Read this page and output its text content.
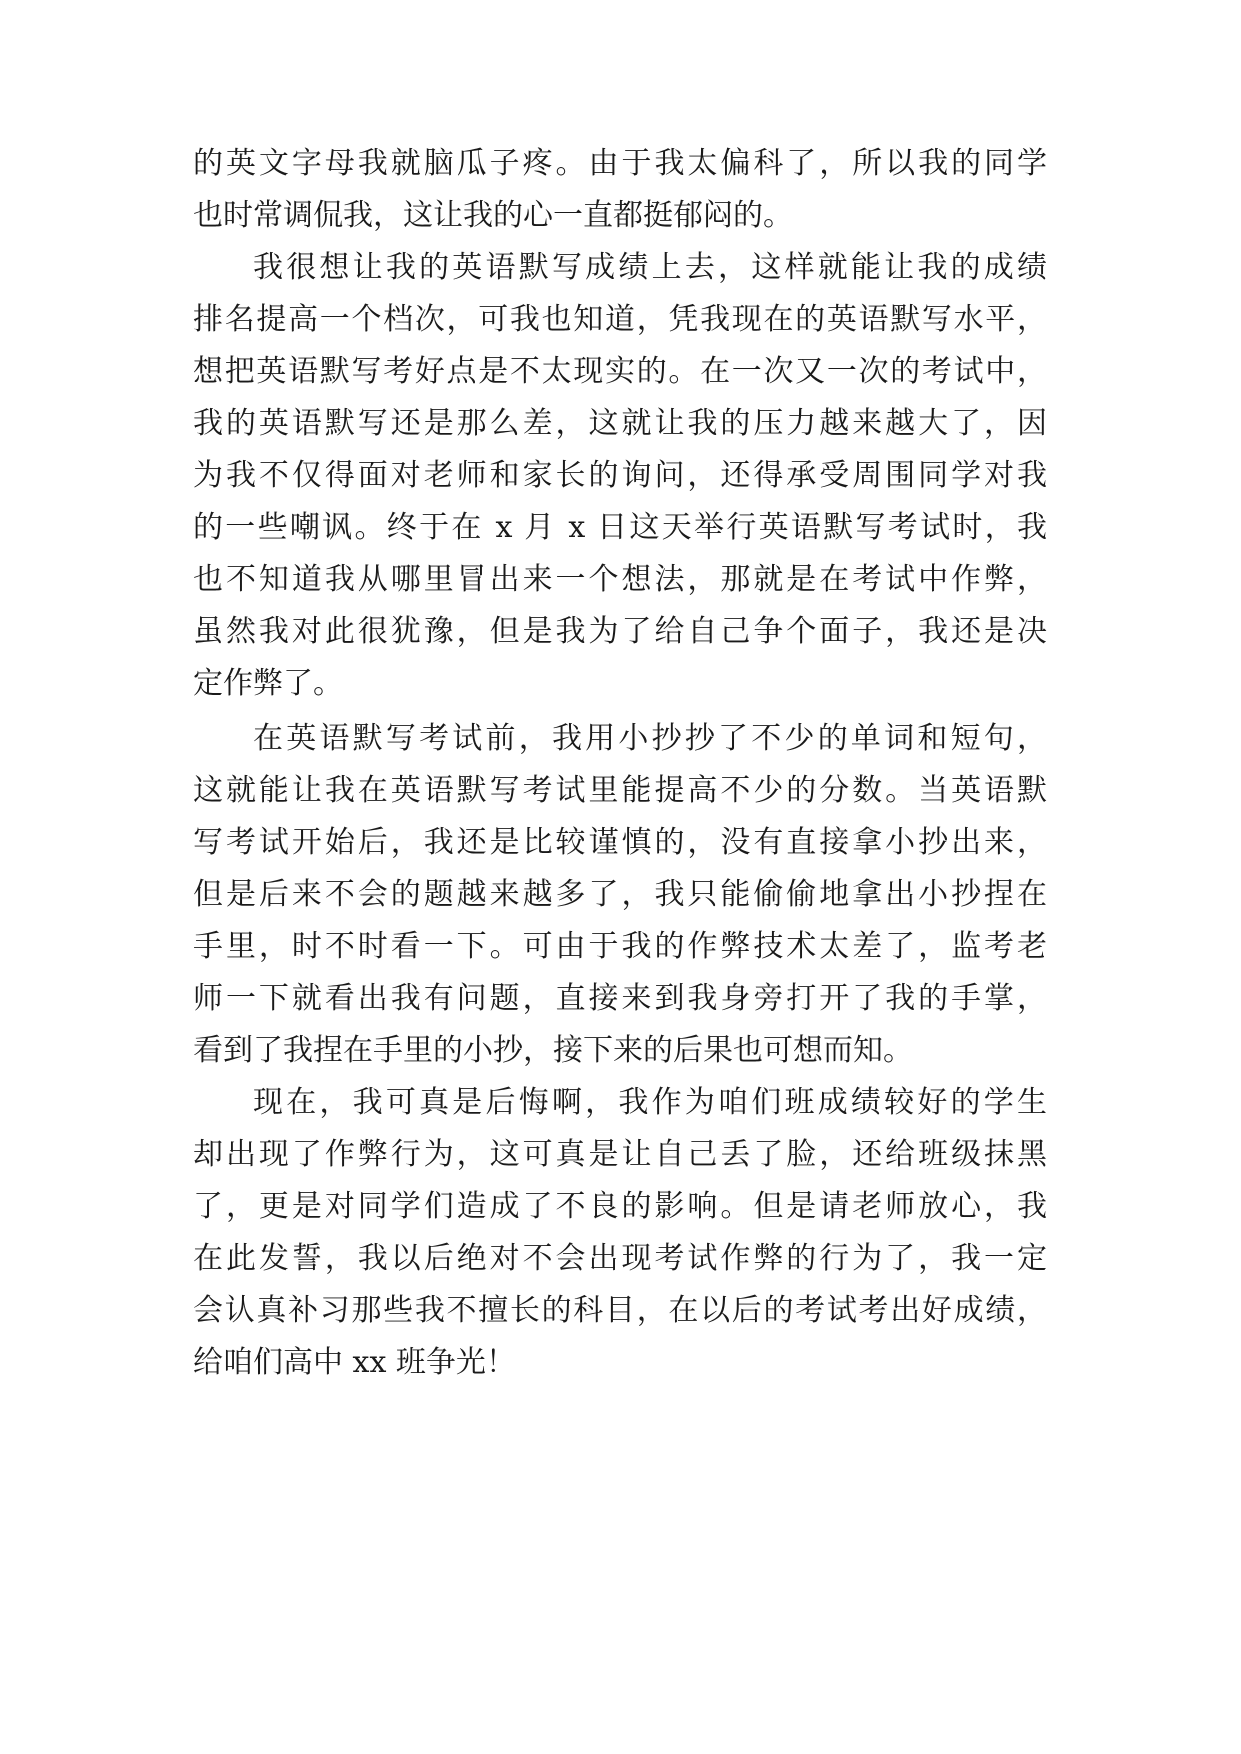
的英文字母我就脑瓜子疼。由于我太偏科了，所以我的同学
也时常调侃我，这让我的心一直都挺郁闷的。
我很想让我的英语默写成绩上去，这样就能让我的成绩
排名提高一个档次，可我也知道，凭我现在的英语默写水平，
想把英语默写考好点是不太现实的。在一次又一次的考试中，
我的英语默写还是那么差，这就让我的压力越来越大了，因
为我不仅得面对老师和家长的询问，还得承受周围同学对我
的一些嘲讽。终于在 x 月 x 日这天举行英语默写考试时，我
也不知道我从哪里冒出来一个想法，那就是在考试中作弊，
虽然我对此很犹豫，但是我为了给自己争个面子，我还是决
定作弊了。
在英语默写考试前，我用小抄抄了不少的单词和短句，
这就能让我在英语默写考试里能提高不少的分数。当英语默
写考试开始后，我还是比较谨慎的，没有直接拿小抄出来，
但是后来不会的题越来越多了，我只能偷偷地拿出小抄捏在
手里，时不时看一下。可由于我的作弊技术太差了，监考老
师一下就看出我有问题，直接来到我身旁打开了我的手掌，
看到了我捏在手里的小抄，接下来的后果也可想而知。
现在，我可真是后悔啊，我作为咱们班成绩较好的学生
却出现了作弊行为，这可真是让自己丢了脸，还给班级抹黑
了，更是对同学们造成了不良的影响。但是请老师放心，我
在此发誓，我以后绝对不会出现考试作弊的行为了，我一定
会认真补习那些我不擅长的科目，在以后的考试考出好成绩，
给咱们高中 xx 班争光！
